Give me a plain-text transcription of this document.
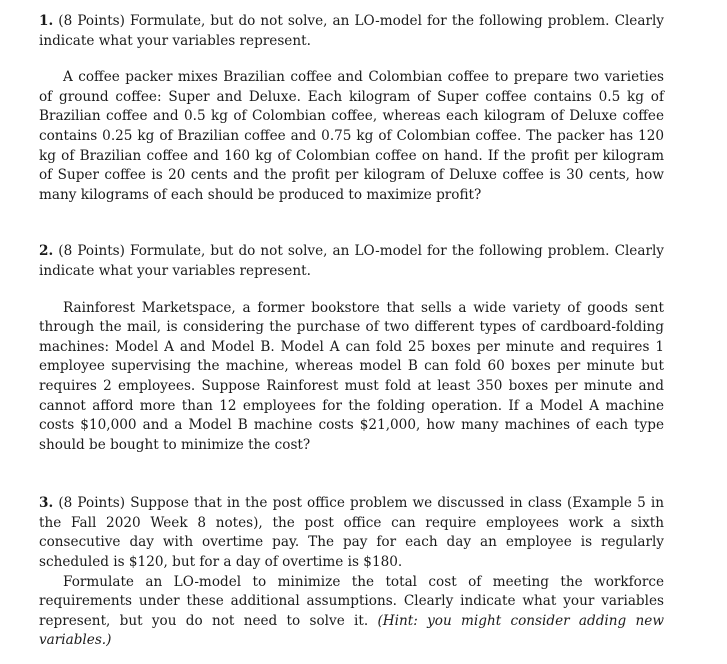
1. (8 Points) Formulate, but do not solve, an LO-model for the following problem. Clearly indicate what your variables represent.

A coffee packer mixes Brazilian coffee and Colombian coffee to prepare two varieties of ground coffee: Super and Deluxe. Each kilogram of Super coffee contains 0.5 kg of Brazilian coffee and 0.5 kg of Colombian coffee, whereas each kilogram of Deluxe coffee contains 0.25 kg of Brazilian coffee and 0.75 kg of Colombian coffee. The packer has 120 kg of Brazilian coffee and 160 kg of Colombian coffee on hand. If the profit per kilogram of Super coffee is 20 cents and the profit per kilogram of Deluxe coffee is 30 cents, how many kilograms of each should be produced to maximize profit?

2. (8 Points) Formulate, but do not solve, an LO-model for the following problem. Clearly indicate what your variables represent.

Rainforest Marketspace, a former bookstore that sells a wide variety of goods sent through the mail, is considering the purchase of two different types of cardboard-folding machines: Model A and Model B. Model A can fold 25 boxes per minute and requires 1 employee supervising the machine, whereas model B can fold 60 boxes per minute but requires 2 employees. Suppose Rainforest must fold at least 350 boxes per minute and cannot afford more than 12 employees for the folding operation. If a Model A machine costs $10,000 and a Model B machine costs $21,000, how many machines of each type should be bought to minimize the cost?

3. (8 Points) Suppose that in the post office problem we discussed in class (Example 5 in the Fall 2020 Week 8 notes), the post office can require employees work a sixth consecutive day with overtime pay. The pay for each day an employee is regularly scheduled is $120, but for a day of overtime is $180.

Formulate an LO-model to minimize the total cost of meeting the workforce requirements under these additional assumptions. Clearly indicate what your variables represent, but you do not need to solve it. (Hint: you might consider adding new variables.)
